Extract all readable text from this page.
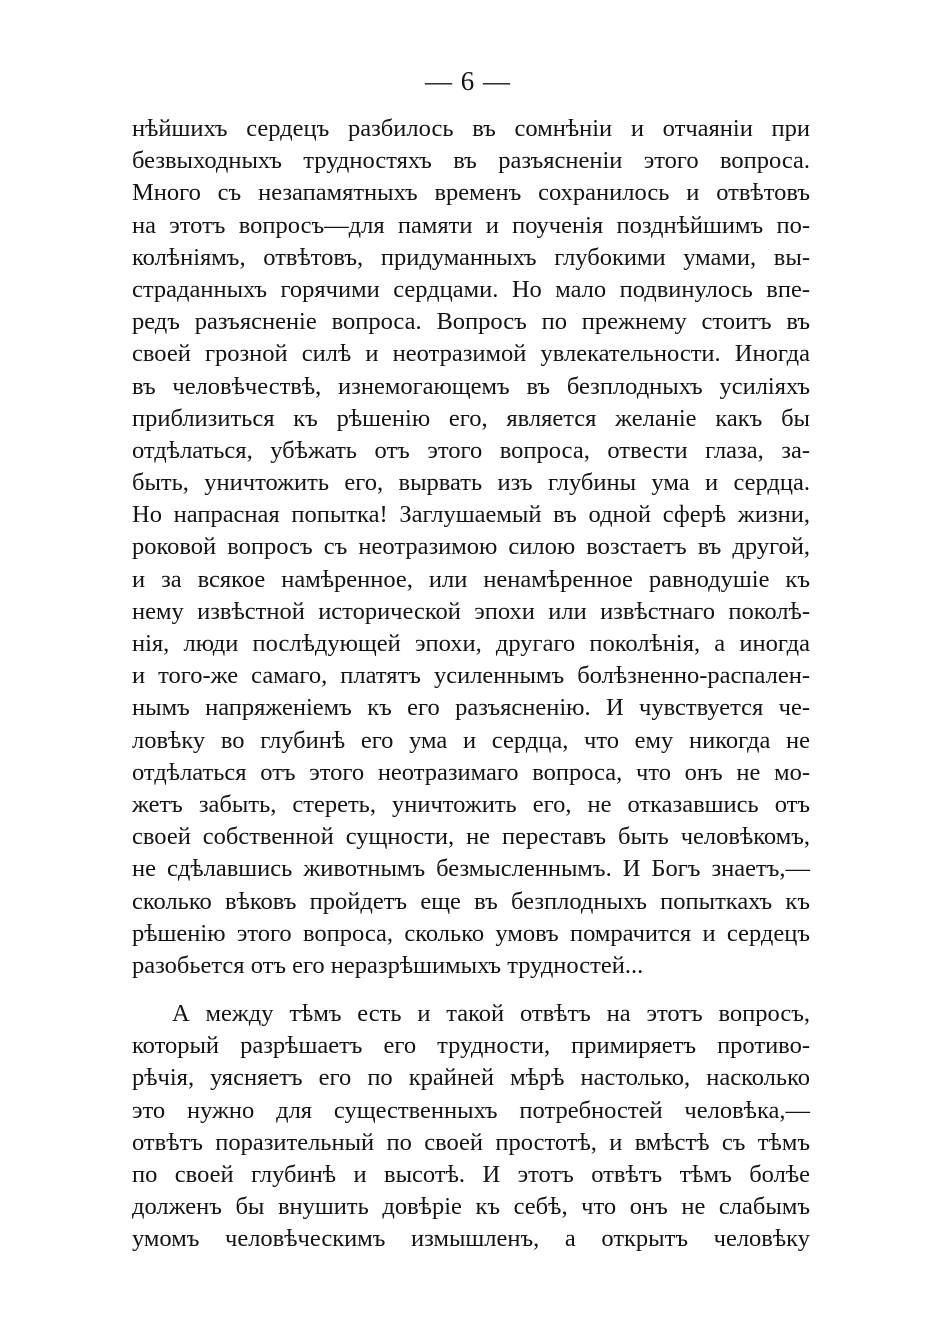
— 6 —
нѣйшихъ сердецъ разбилось въ сомнѣнiи и отчаянiи при
безвыходныхъ трудностяхъ въ разъясненiи этого вопроса.
Много съ незапамятныхъ временъ сохранилось и отвѣтовъ
на этотъ вопросъ—для памяти и поученія позднѣйшимъ по-
колѣнiямъ, отвѣтовъ, придуманныхъ глубокими умами, вы-
страданныхъ горячими сердцами. Но мало подвинулось впе-
редъ разъясненiе вопроса. Вопросъ по прежнему стоитъ въ
своей грозной силѣ и неотразимой увлекательности. Иногда
въ человѣчествѣ, изнемогающемъ въ безплодныхъ усилiяхъ
приблизиться къ рѣшенiю его, является желанiе какъ бы
отдѣлаться, убѣжать отъ этого вопроса, отвести глаза, за-
быть, уничтожить его, вырвать изъ глубины ума и сердца.
Но напрасная попытка! Заглушаемый въ одной сферѣ жизни,
роковой вопросъ съ неотразимою силою возстаетъ въ другой,
и за всякое намѣренное, или ненамѣренное равнодушiе къ
нему извѣстной исторической эпохи или извѣстнаго поколѣ-
нiя, люди послѣдующей эпохи, другаго поколѣнiя, а иногда
и того-же самаго, платятъ усиленнымъ болѣзненно-распален-
нымъ напряженiемъ къ его разъясненiю. И чувствуется че-
ловѣку во глубинѣ его ума и сердца, что ему никогда не
отдѣлаться отъ этого неотразимаго вопроса, что онъ не мо-
жетъ забыть, стереть, уничтожить его, не отказавшись отъ
своей собственной сущности, не переставъ быть человѣкомъ,
не сдѣлавшись животнымъ безмысленнымъ. И Богъ знаетъ,—
сколько вѣковъ пройдетъ еще въ безплодныхъ попыткахъ къ
рѣшенiю этого вопроса, сколько умовъ помрачится и сердецъ
разобьется отъ его неразрѣшимыхъ трудностей...
А между тѣмъ есть и такой отвѣтъ на этотъ вопросъ,
который разрѣшаетъ его трудности, примиряетъ противо-
рѣчiя, уясняетъ его по крайней мѣрѣ настолько, насколько
это нужно для существенныхъ потребностей человѣка,—
отвѣтъ поразительный по своей простотѣ, и вмѣстѣ съ тѣмъ
по своей глубинѣ и высотѣ. И этотъ отвѣтъ тѣмъ болѣе
долженъ бы внушить довѣрiе къ себѣ, что онъ не слабымъ
умомъ человѣческимъ измышленъ, а открытъ человѣку
